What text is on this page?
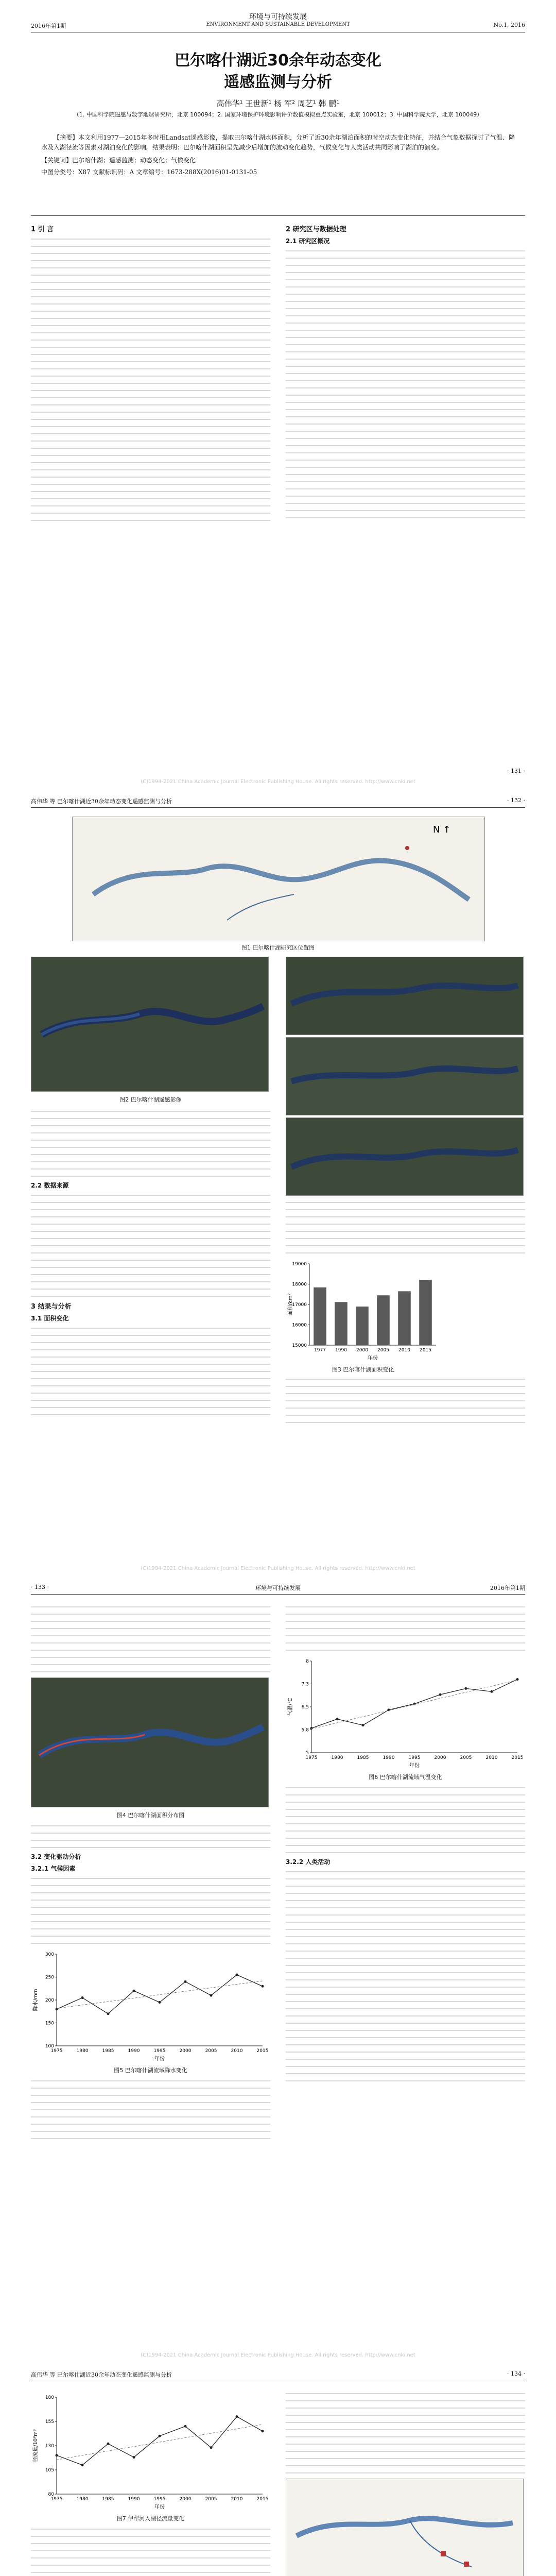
环境与可持续发展
2016年第1期	ENVIRONMENT AND SUSTAINABLE DEVELOPMENT	No.1, 2016
巴尔喀什湖近30余年动态变化
遥感监测与分析
高伟华¹ 王世新¹ 杨 军² 周艺¹ 韩 鹏¹
（1. 中国科学院遥感与数字地球研究所，北京 100094；2. 国家环境保护环境影响评价数值模拟重点实验室，北京 100012；3. 中国科学院大学，北京 100049）

【摘要】本文利用1977—2015年多时相Landsat遥感影像，提取巴尔喀什湖水体面积，分析了近30余年湖泊面积的时空动态变化特征，并结合气象数据探讨了气温、降水及入湖径流等因素对湖泊变化的影响。结果表明：巴尔喀什湖面积呈先减少后增加的波动变化趋势，气候变化与人类活动共同影响了湖泊的演变。

【关键词】巴尔喀什湖；遥感监测；动态变化；气候变化

中图分类号：X87 文献标识码：A 文章编号：1673-288X(2016)01-0131-05

1 引 言	2 研究区与数据处理
2.1 研究区概况
· 131 ·
(C)1994-2021 China Academic Journal Electronic Publishing House. All rights reserved. http://www.cnki.net
高伟华 等 巴尔喀什湖近30余年动态变化遥感监测与分析	· 132 ·
N ↑
图1 巴尔喀什湖研究区位置图
图2 巴尔喀什湖遥感影像
2.2 数据来源
3 结果与分析
3.1 面积变化
面积/km²
年份
15000
16000
17000
18000
19000
1977 1990 2000 2005 2010 2015
图3 巴尔喀什湖面积变化
(C)1994-2021 China Academic Journal Electronic Publishing House. All rights reserved. http://www.cnki.net
· 133 ·	环境与可持续发展	2016年第1期
图4 巴尔喀什湖面积分布图
3.2 变化驱动分析
3.2.1 气候因素
降水/mm
年份
100
150
200
250
300
1975	1980	1985	1990	1995	2000	2005	2010	2015
图5 巴尔喀什湖流域降水变化
气温/℃
年份
5
5.8
6.5
7.3
8
1975	1980	1985	1990	1995	2000	2005	2010	2015
图6 巴尔喀什湖流域气温变化
3.2.2 人类活动
(C)1994-2021 China Academic Journal Electronic Publishing House. All rights reserved. http://www.cnki.net
高伟华 等 巴尔喀什湖近30余年动态变化遥感监测与分析	· 134 ·
径流量/10⁸m³
年份
80
105
130
155
180
1975	1980	1985	1990	1995	2000	2005	2010	2015
图7 伊犁河入湖径流量变化
